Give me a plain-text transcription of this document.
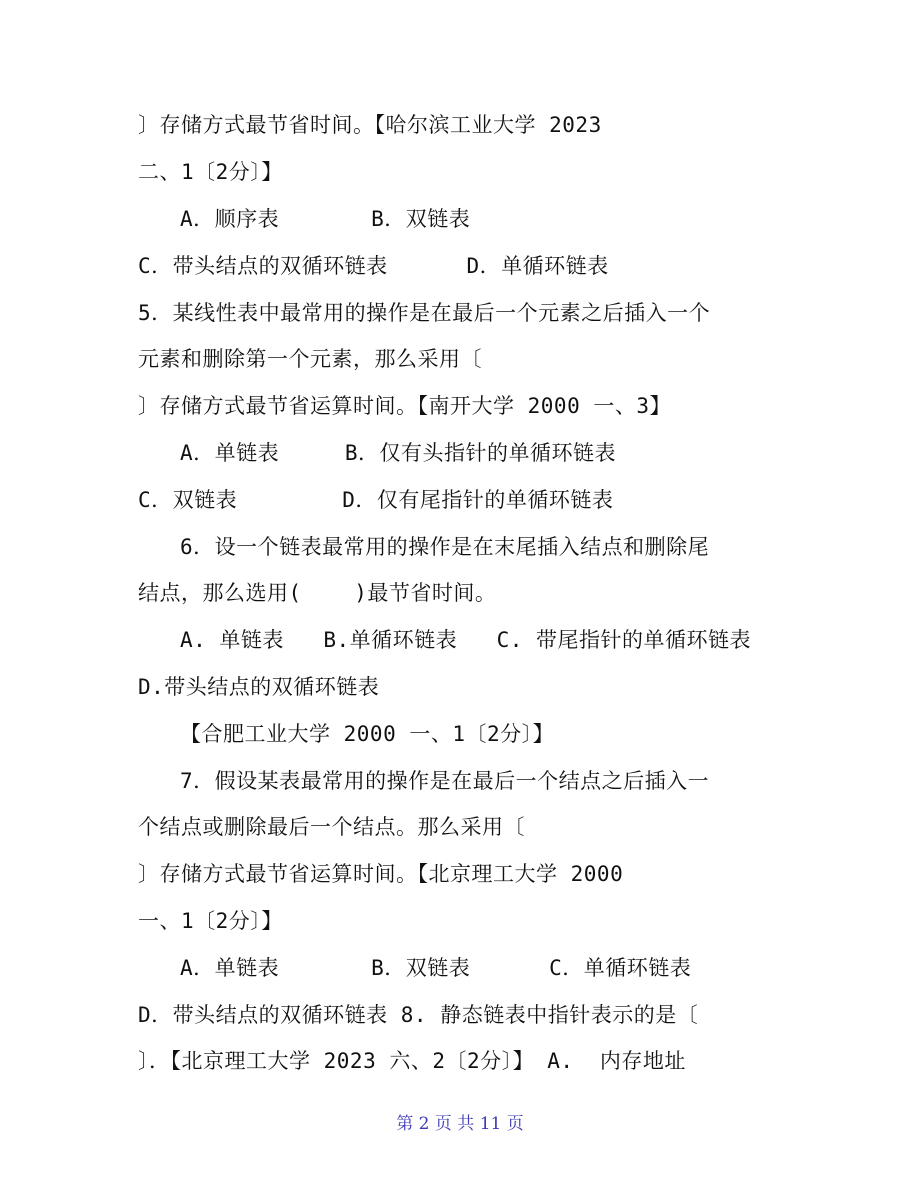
〕存储方式最节省时间。【哈尔滨工业大学 2023
二、1〔2分〕】
A．顺序表       B．双链表
C．带头结点的双循环链表      D．单循环链表
5．某线性表中最常用的操作是在最后一个元素之后插入一个
元素和删除第一个元素，那么采用〔
〕存储方式最节省运算时间。【南开大学 2000 一、3】
A．单链表     B．仅有头指针的单循环链表
C．双链表        D．仅有尾指针的单循环链表
6．设一个链表最常用的操作是在末尾插入结点和删除尾
结点，那么选用(    )最节省时间。
A. 单链表   B.单循环链表   C. 带尾指针的单循环链表
D.带头结点的双循环链表
【合肥工业大学 2000 一、1〔2分〕】
7．假设某表最常用的操作是在最后一个结点之后插入一
个结点或删除最后一个结点。那么采用〔
〕存储方式最节省运算时间。【北京理工大学 2000
一、1〔2分〕】
A．单链表       B．双链表      C．单循环链表
D．带头结点的双循环链表 8. 静态链表中指针表示的是〔
〕．【北京理工大学 2023 六、2〔2分〕】 A.  内存地址
第 2 页 共 11 页
